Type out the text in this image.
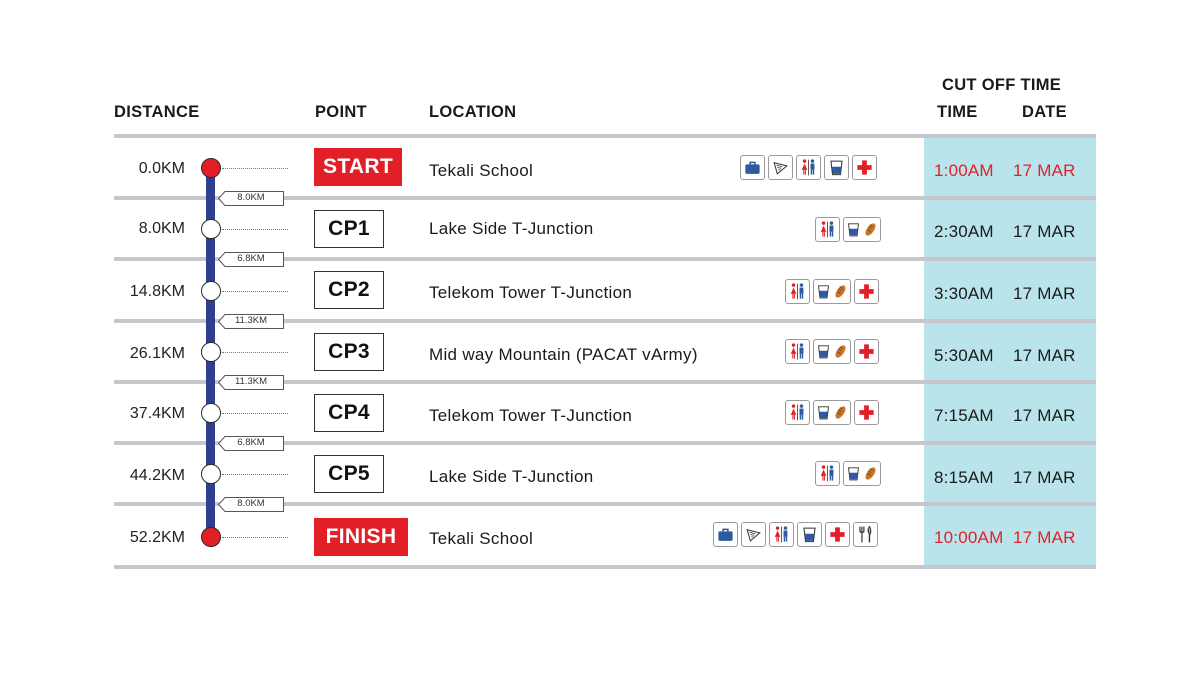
DISTANCE	POINT	LOCATION
CUT OFF TIME
TIME	DATE
0.0KM	START	Tekali School	1:00AM 17 MAR
8.0KM
8.0KM	CP1	Lake Side T-Junction	2:30AM 17 MAR
6.8KM
14.8KM	CP2	Telekom Tower T-Junction	3:30AM 17 MAR
11.3KM
26.1KM	CP3	Mid way Mountain (PACAT vArmy)	5:30AM 17 MAR
11.3KM
37.4KM	CP4	Telekom Tower T-Junction	7:15AM 17 MAR
6.8KM
44.2KM	CP5	Lake Side T-Junction	8:15AM 17 MAR
8.0KM
52.2KM	FINISH	Tekali School	10:00AM 17 MAR
